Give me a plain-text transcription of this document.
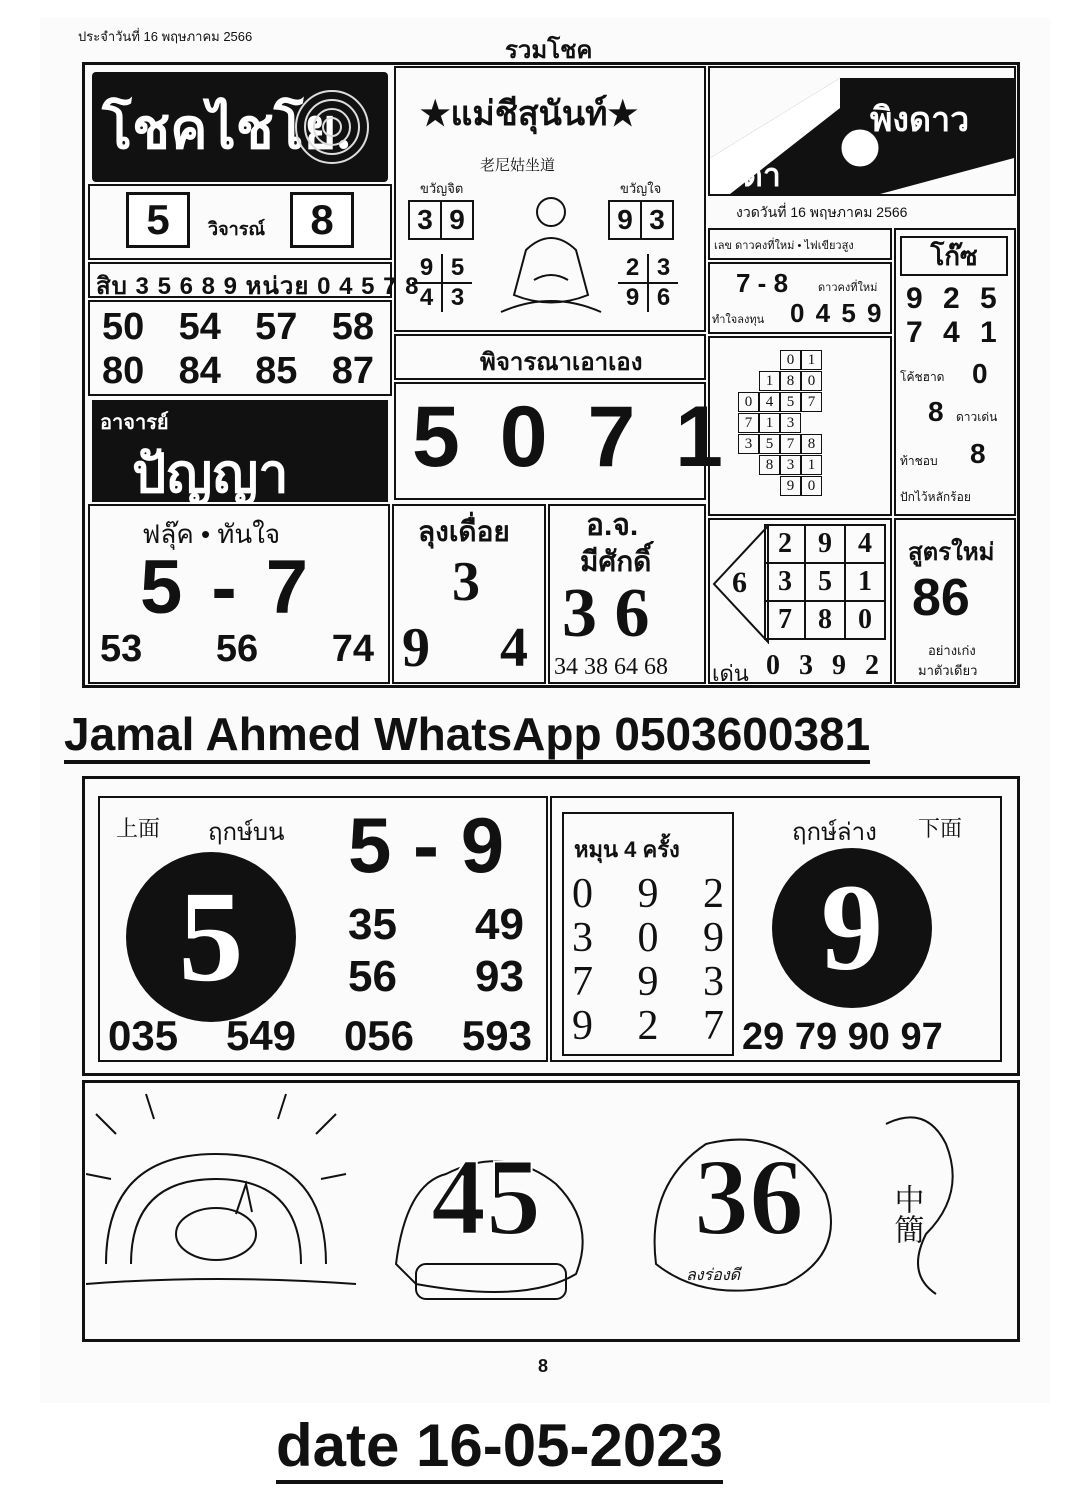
ประจำวันที่ 16 พฤษภาคม 2566
รวมโชค
โชคไชโย.
5	วิจารณ์	8
สิบ 3 5 6 8 9 หน่วย 0 4 5 7 8
50 54 57 58
80 84 85 87
อาจารย์
ปัญญา
★แม่ชีสุนันท์★
老尼姑坐道
ขวัญจิต	ขวัญใจ
3	9	9	3
9	5
4	3
2	3
9	6
พิจารณาเอาเอง
5 0 7 1
พิงดาว
เรด้า
งวดวันที่ 16 พฤษภาคม 2566
เลข ดาวคงที่ใหม่ • ไฟเขียวสูง
7 - 8	ดาวคงที่ใหม่
ทำใจลงทุน 0 4 5 9
0 1
1 8 0
0 4 5 7
7 1 3
3 5 7 8
8 3 1
9 0
โก๊ซ
9 2 5
7 4 1
โค้ชฮาด 0
8 ดาวเด่น
ท้าชอบ 8
ปักไว้หลักร้อย
ฟลุ๊ค • ทันใจ
5 - 7
53 56 74
ลุงเดื่อย
3
9 4
อ.จ.
มีศักดิ์
3 6
34 38 64 68
6
2	9	4
3	5	1
7	8	0
เด่น 0 3 9 2
สูตรใหม่
86
อย่างเก่ง
มาตัวเดียว
Jamal Ahmed WhatsApp 0503600381
上面 ฤกษ์บน
5
5 - 9
35 49
56 93
035 549 056 593
หมุน 4 ครั้ง
0 9 2
3 0 9
7 9 3
9 2 7
ฤกษ์ล่าง 下面
9
29 79 90 97
45 36
ลงร่องดี
中簡
8
date 16-05-2023
